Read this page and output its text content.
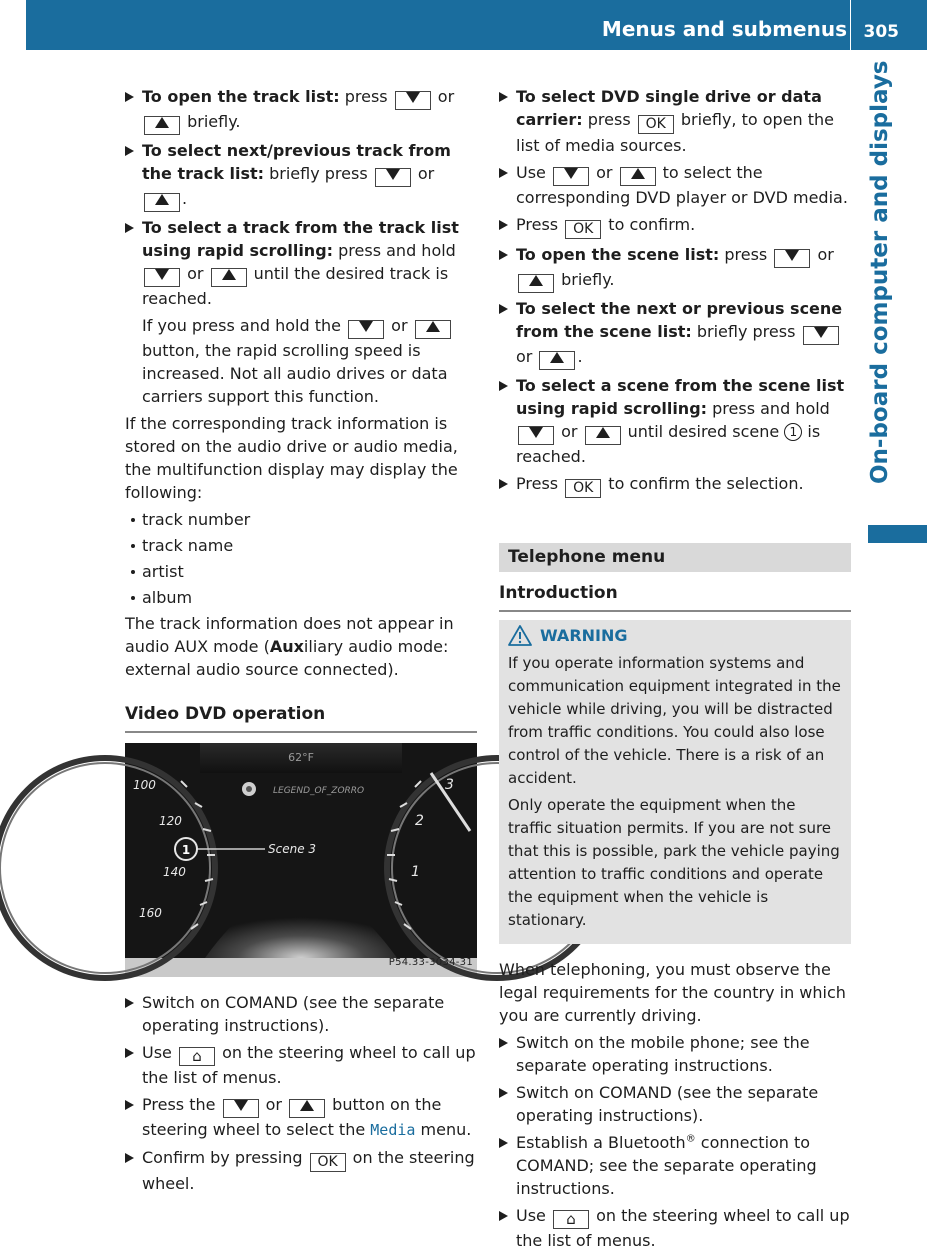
Menus and submenus 305
On-board computer and displays
To open the track list: press	or  briefly.
To select next/previous track from the track list: briefly press	or .
To select a track from the track list using rapid scrolling: press and hold  or	until the desired track is reached.
If you press and hold the	or  button, the rapid scrolling speed is increased. Not all audio drives or data carriers support this function.

If the corresponding track information is stored on the audio drive or audio media, the multifunction display may display the following:

track number
track name
artist
album

The track information does not appear in audio AUX mode (Auxiliary audio mode: external audio source connected).

Video DVD operation
1
62°F
LEGEND_OF_ZORRO
Scene 3
100
120
140
160
3
2
1
P54.33-3034-31
Switch on COMAND (see the separate operating instructions).
Use ⌂ on the steering wheel to call up the list of menus.
Press the	or	button on the steering wheel to select the Media menu.
Confirm by pressing OK on the steering wheel.
To select DVD single drive or data carrier: press OK briefly, to open the list of media sources.
Use	or	to select the corresponding DVD player or DVD media.
Press OK to confirm.
To open the scene list: press	or  briefly.
To select the next or previous scene from the scene list: briefly press  or	.
To select a scene from the scene list using rapid scrolling: press and hold  or	until desired scene 1 is reached.
Press OK to confirm the selection.
Telephone menu
Introduction
WARNING

If you operate information systems and communication equipment integrated in the vehicle while driving, you will be distracted from traffic conditions. You could also lose control of the vehicle. There is a risk of an accident.

Only operate the equipment when the traffic situation permits. If you are not sure that this is possible, park the vehicle paying attention to traffic conditions and operate the equipment when the vehicle is stationary.

When telephoning, you must observe the legal requirements for the country in which you are currently driving.

Switch on the mobile phone; see the separate operating instructions.
Switch on COMAND (see the separate operating instructions).
Establish a Bluetooth® connection to COMAND; see the separate operating instructions.
Use ⌂ on the steering wheel to call up the list of menus.
